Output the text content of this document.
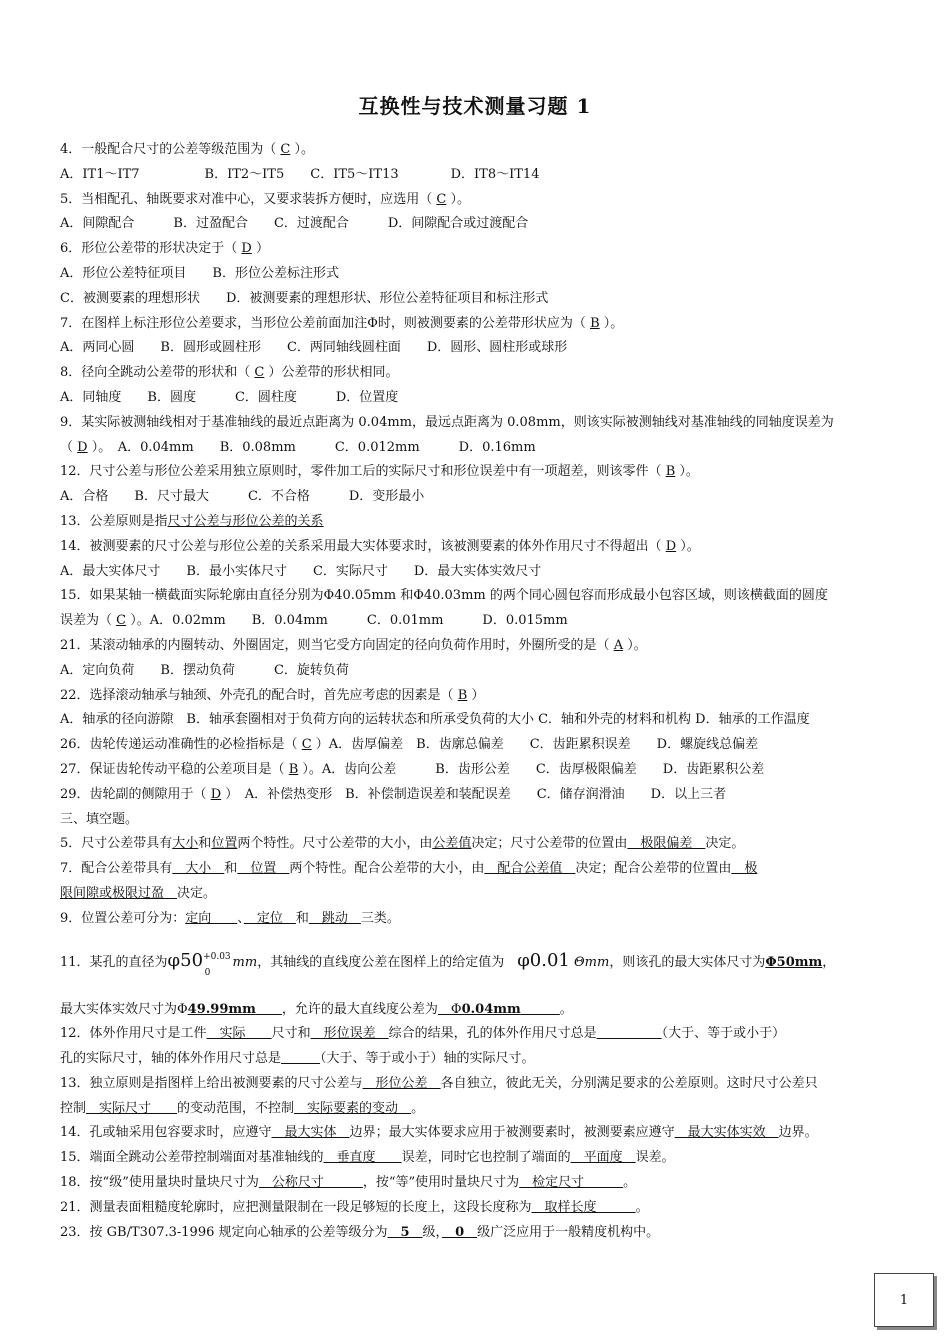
互换性与技术测量习题 1
4．一般配合尺寸的公差等级范围为（ C ）。
A．IT1～IT7　　　　　B．IT2～IT5　　C．IT5～IT13　　　　D．IT8～IT14
5．当相配孔、轴既要求对准中心，又要求装拆方便时，应选用（ C ）。
A．间隙配合　　　B．过盈配合　　C．过渡配合　　　D．间隙配合或过渡配合
6．形位公差带的形状决定于（ D ）
A．形位公差特征项目　　B．形位公差标注形式
C．被测要素的理想形状　　D．被测要素的理想形状、形位公差特征项目和标注形式
7．在图样上标注形位公差要求，当形位公差前面加注Φ时，则被测要素的公差带形状应为（ B ）。
A．两同心圆　　B．圆形或圆柱形　　C．两同轴线圆柱面　　D．圆形、圆柱形或球形
8．径向全跳动公差带的形状和（ C ）公差带的形状相同。
A．同轴度　　B．圆度　　　C．圆柱度　　　D．位置度
9．某实际被测轴线相对于基准轴线的最近点距离为 0.04mm，最远点距离为 0.08mm，则该实际被测轴线对基准轴线的同轴度误差为
（ D ）。　A．0.04mm　　B．0.08mm　　　C．0.012mm　　　D．0.16mm
12．尺寸公差与形位公差采用独立原则时，零件加工后的实际尺寸和形位误差中有一项超差，则该零件（ B ）。
A．合格　　B．尺寸最大　　　C．不合格　　　D．变形最小
13．公差原则是指尺寸公差与形位公差的关系
14．被测要素的尺寸公差与形位公差的关系采用最大实体要求时，该被测要素的体外作用尺寸不得超出（ D ）。
A．最大实体尺寸　　B．最小实体尺寸　　C．实际尺寸　　D．最大实体实效尺寸
15．如果某轴一横截面实际轮廓由直径分别为Φ40.05mm 和Φ40.03mm 的两个同心圆包容而形成最小包容区域，则该横截面的圆度
误差为（ C ）。A．0.02mm　　B．0.04mm　　　C．0.01mm　　　D．0.015mm
21．某滚动轴承的内圈转动、外圈固定，则当它受方向固定的径向负荷作用时，外圈所受的是（ A ）。
A．定向负荷　　B．摆动负荷　　　C．旋转负荷
22．选择滚动轴承与轴颈、外壳孔的配合时，首先应考虑的因素是（ B ）
A．轴承的径向游隙　B．轴承套圈相对于负荷方向的运转状态和所承受负荷的大小 C．轴和外壳的材料和机构 D．轴承的工作温度
26．齿轮传递运动准确性的必检指标是（ C ）A．齿厚偏差　B．齿廓总偏差　　C．齿距累积误差　　D．螺旋线总偏差
27．保证齿轮传动平稳的公差项目是（ B ）。A．齿向公差　　　B．齿形公差　　C．齿厚极限偏差　　D．齿距累积公差
29．齿轮副的侧隙用于（ D ）　A．补偿热变形　B．补偿制造误差和装配误差　　C．储存润滑油　　D．以上三者
三、填空题。
5．尺寸公差带具有大小和位置两个特性。尺寸公差带的大小，由公差值决定；尺寸公差带的位置由　极限偏差　决定。
7．配合公差带具有　大小　和　位置　两个特性。配合公差带的大小，由　配合公差值　决定；配合公差带的位置由　极
限间隙或极限过盈　 决定。
9．位置公差可分为：定向　　、　定位　和　跳动　三类。
11．某孔的直径为φ50+0.030 mm，其轴线的直线度公差在图样上的给定值为　φ0.01 Θmm，则该孔的最大实体尺寸为Φ50mm，
最大实体实效尺寸为Φ49.99mm　　 ，允许的最大直线度公差为　Φ0.04mm　　　	。
12．体外作用尺寸是工件　实际　　尺寸和　形位误差　综合的结果，孔的体外作用尺寸总是　　　　　	（大于、等于或小于）
孔的实际尺寸，轴的体外作用尺寸总是　　　	（大于、等于或小于）轴的实际尺寸。
13．独立原则是指图样上给出被测要素的尺寸公差与　形位公差　各自独立，彼此无关，分别满足要求的公差原则。这时尺寸公差只
控制　实际尺寸　　的变动范围，不控制　实际要素的变动　。
14．孔或轴采用包容要求时，应遵守　最大实体　边界；最大实体要求应用于被测要素时，被测要素应遵守　最大实体实效　边界。
15．端面全跳动公差带控制端面对基准轴线的　垂直度　　误差，同时它也控制了端面的　平面度　误差。
18．按“级”使用量块时量块尺寸为　公称尺寸　　　，按“等”使用时量块尺寸为　检定尺寸　　　。
21．测量表面粗糙度轮廓时，应把测量限制在一段足够短的长度上，这段长度称为　取样长度　　　。
23．按 GB/T307.3-1996 规定向心轴承的公差等级分为　5　级，　0　级广泛应用于一般精度机构中。
1
